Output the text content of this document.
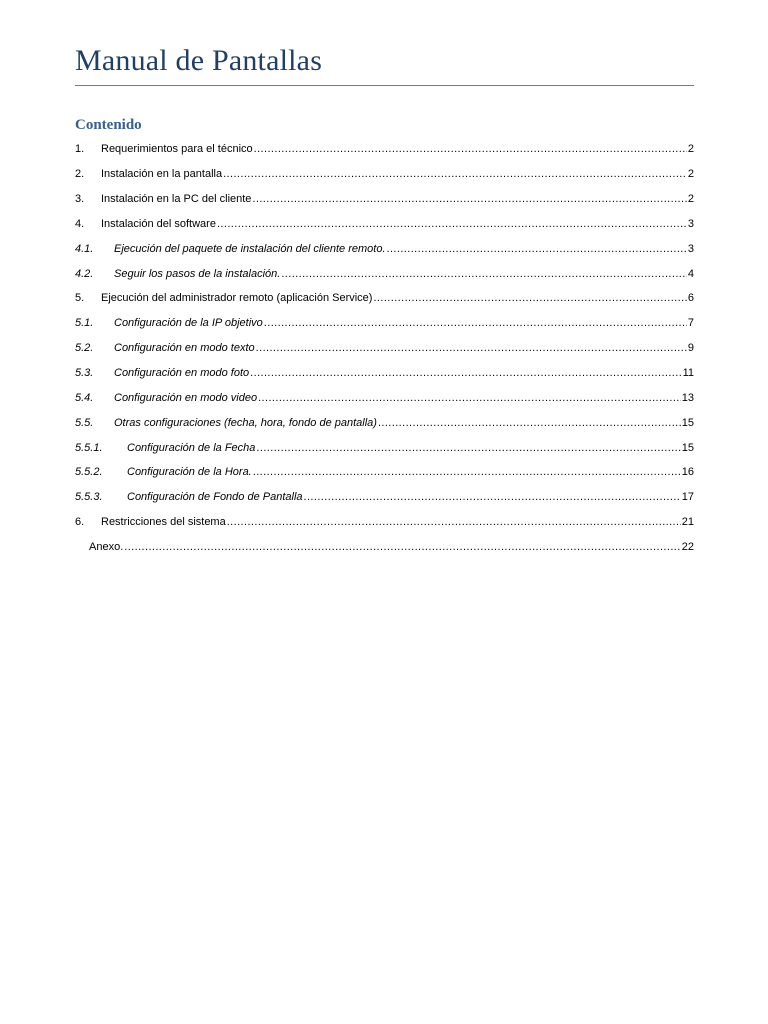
Manual de Pantallas
Contenido
1.	Requerimientos para el técnico .....	2
2.	Instalación en la pantalla .....	2
3.	Instalación en la PC del cliente .....	2
4.	Instalación del software .....	3
4.1.	Ejecución del paquete de instalación del cliente remoto. .....	3
4.2.	Seguir los pasos de la instalación. .....	4
5.	Ejecución del administrador remoto (aplicación Service) .....	6
5.1.	Configuración de la IP objetivo .....	7
5.2.	Configuración en modo texto .....	9
5.3.	Configuración en modo foto .....	11
5.4.	Configuración en modo video .....	13
5.5.	Otras configuraciones (fecha, hora, fondo de pantalla) .....	15
5.5.1.	Configuración de la Fecha .....	15
5.5.2.	Configuración de la Hora. .....	16
5.5.3.	Configuración de Fondo de Pantalla .....	17
6.	Restricciones del sistema .....	21
Anexo. .....	22
